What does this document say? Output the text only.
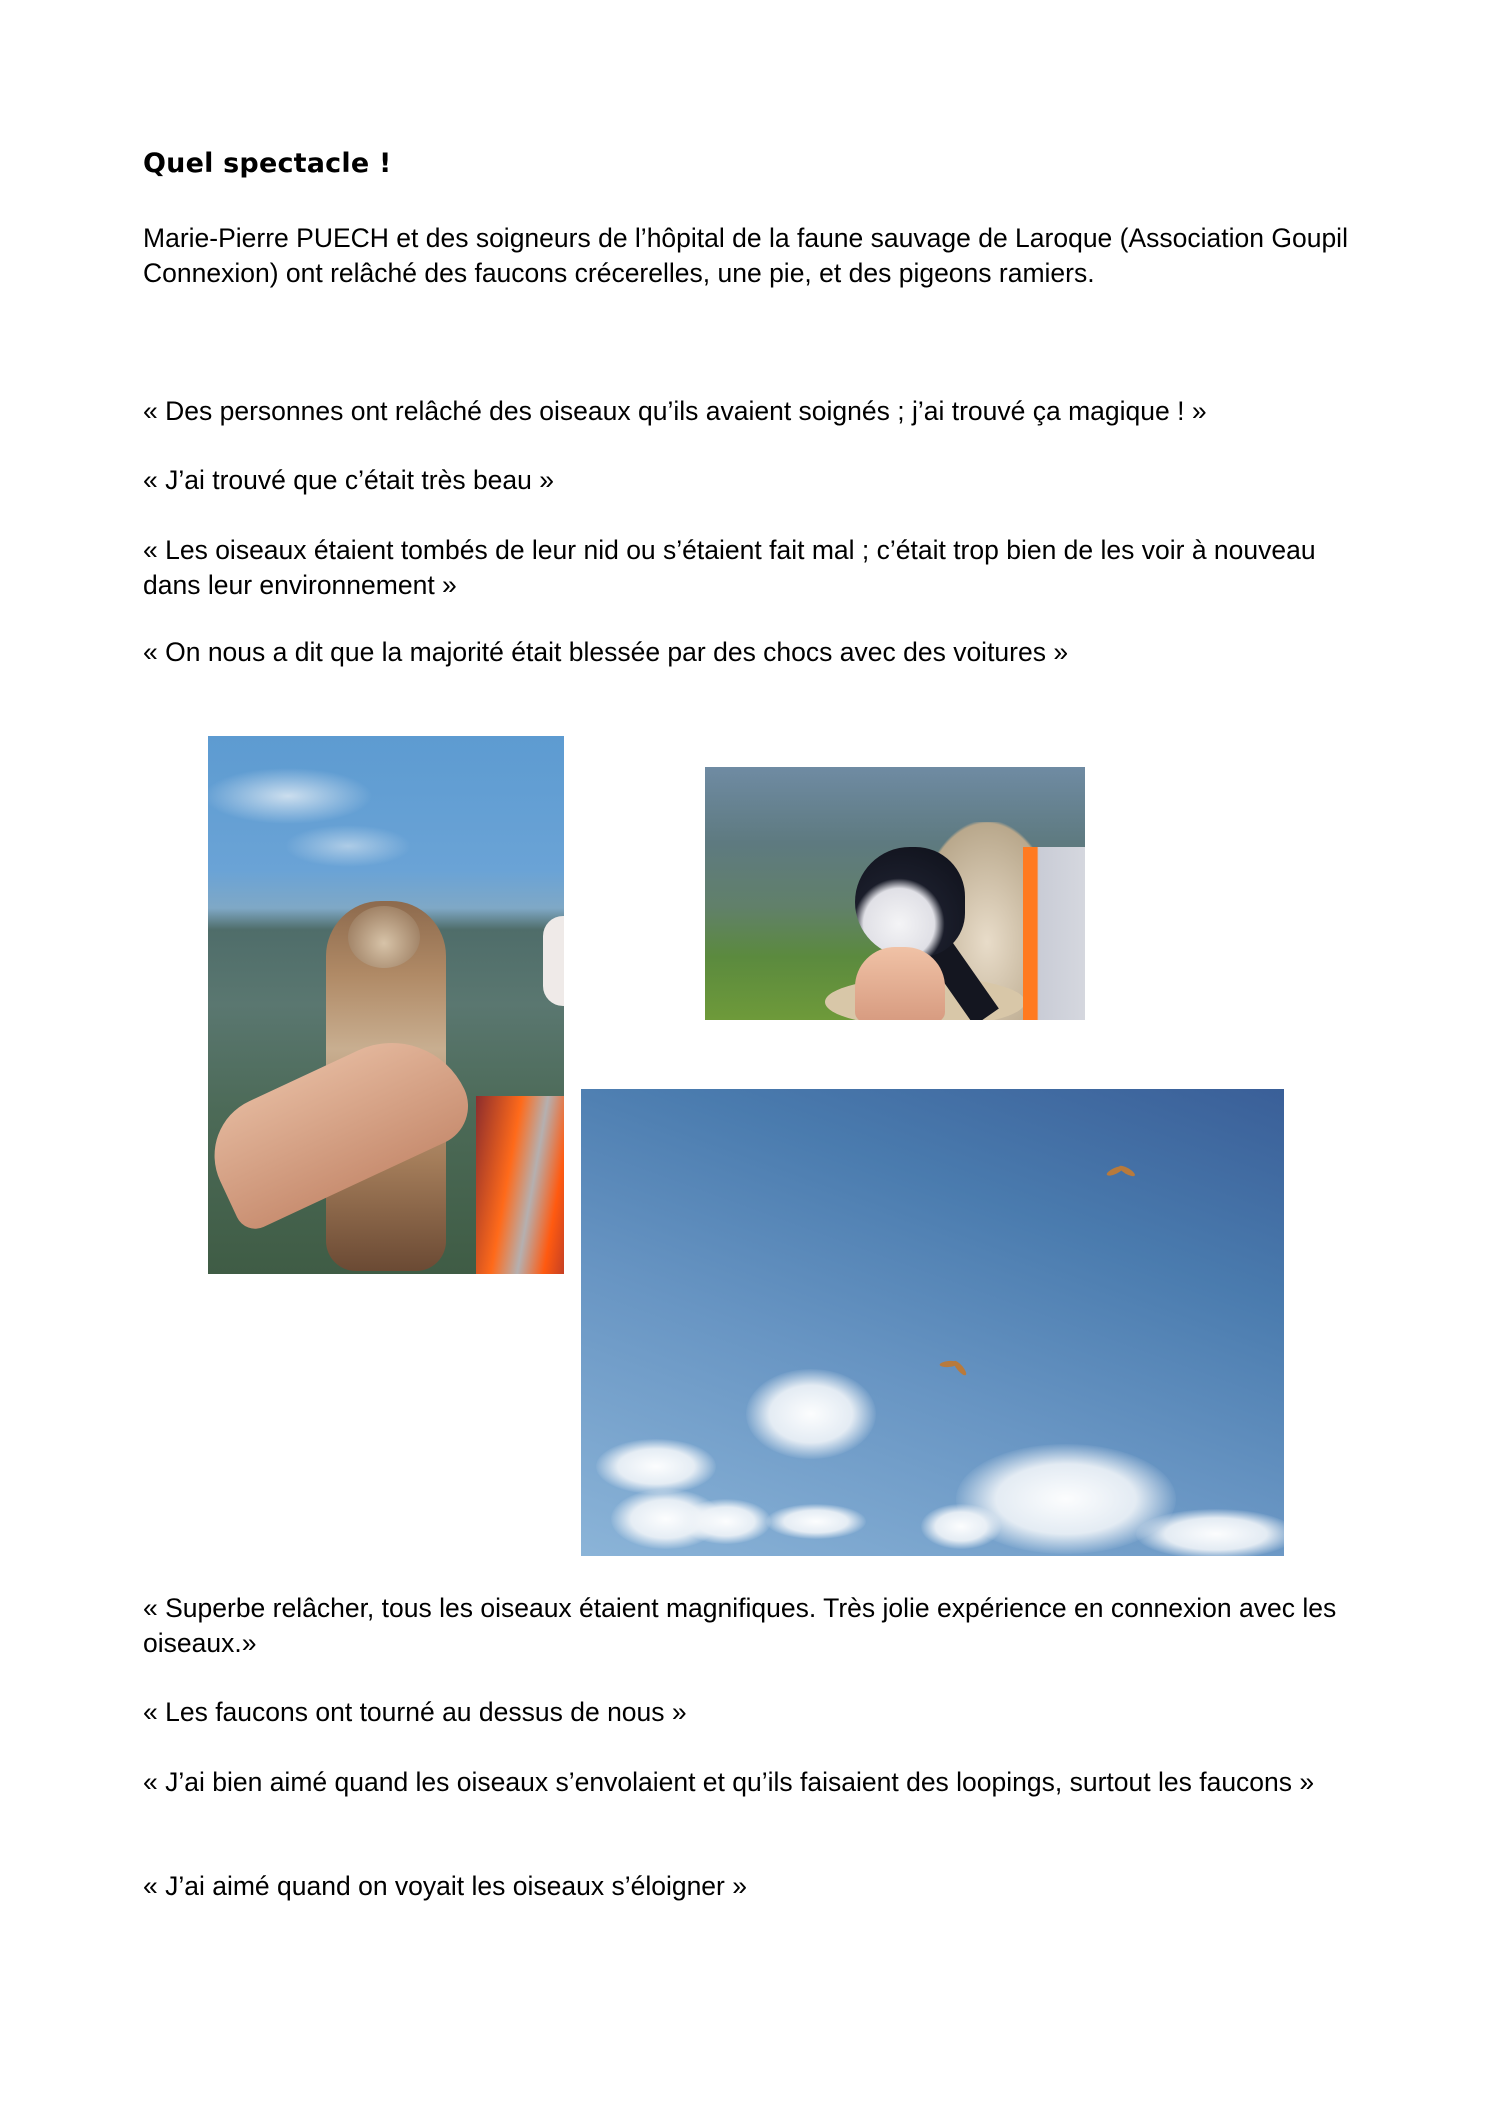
Quel spectacle !
Marie-Pierre PUECH et des soigneurs de l’hôpital de la faune sauvage de Laroque (Association Goupil Connexion) ont relâché des faucons crécerelles, une pie, et des pigeons ramiers.
« Des personnes ont relâché des oiseaux qu’ils avaient soignés ; j’ai trouvé ça magique ! »
« J’ai trouvé que c’était très beau »
« Les oiseaux étaient tombés de leur nid ou s’étaient fait mal ; c’était trop bien de les voir à nouveau dans leur environnement »
« On nous a dit que la majorité était blessée par des chocs avec des voitures »
« Superbe relâcher, tous les oiseaux étaient magnifiques. Très jolie expérience en connexion avec les oiseaux.»
« Les faucons ont tourné au dessus de nous »
« J’ai bien aimé quand les oiseaux s’envolaient et qu’ils faisaient des loopings, surtout les faucons »
« J’ai aimé quand on voyait les oiseaux s’éloigner »
